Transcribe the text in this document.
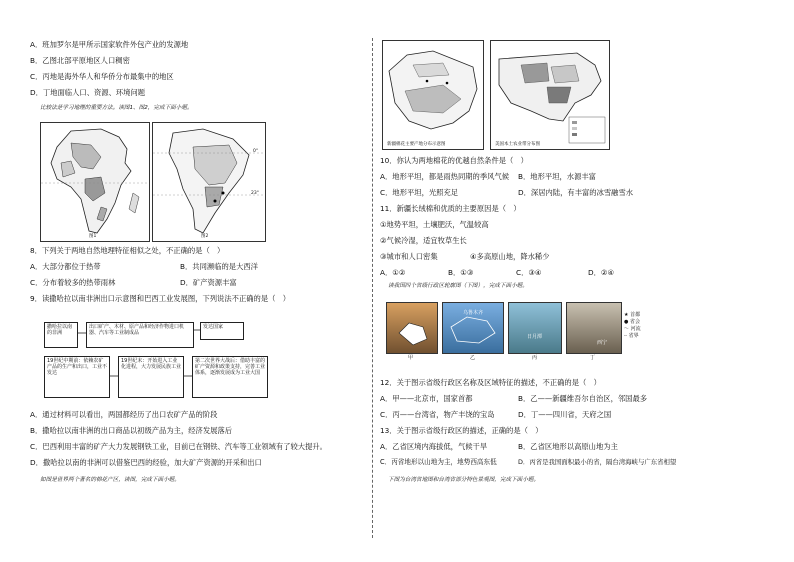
A．班加罗尔是甲所示国家软件外包产业的发源地
B．乙图北部平原地区人口稠密
C．丙地是海外华人和华侨分布最集中的地区
D．丁地面临人口、资源、环境问题
比较法是学习地理的重要方法。读图1、图2，完成下面小题。
图1
0°
23°
图2
8．下列关于两地自然地理特征相似之处，不正确的是（　）
A．大部分都位于热带	B．共同濒临的是大西洋
C．分布着较多的热带雨林	D．矿产资源丰富
9．读撒哈拉以南非洲出口示意图和巴西工业发展图，下列说法不正确的是（　）
撒哈拉以南的非洲
出口矿产、木材、原产品和经济作物进口机器、汽车等工业制成品
发达国家
19世纪中期前：依赖农矿产品的生产和出口，工业不发达
19世纪末：开始进入工业化进程，大力发展民族工业
第二次世界大战后：借助丰富的矿产资源和政策支持，完善工业体系，逐渐发展成为工业大国
A．通过材料可以看出，两国都经历了出口农矿产品的阶段
B．撒哈拉以南非洲的出口商品以初级产品为主，经济发展落后
C．巴西利用丰富的矿产大力发展钢铁工业，目前已在钢铁、汽车等工业领域有了较大提升。
D．撒哈拉以南的非洲可以借鉴巴西的经验，加大矿产资源的开采和出口
如图是世界两个著名的棉花产区，读图，完成下面小题。
新疆棉花主要产地分布示意图	美国本土农业带分布图
10．你认为两地棉花的优越自然条件是（　）
A．地形平坦，都是雨热同期的季风气候 B．地形平坦，水源丰富
C．地形平坦，光照充足	D．深居内陆，有丰富的冰雪融雪水
11．新疆长绒棉和优质的主要原因是（　）
①地势平坦，土壤肥沃，气温较高
②气候冷湿，适宜牧草生长
③城市和人口密集	④多高原山地，降水稀少
A．①②	B．①③	C．③④	D．②④
读我国四个省级行政区轮廓图（下图），完成下面小题。
乌鲁木齐
日月潭
西宁
甲	乙	丙	丁
★ 首都
● 省会
～ 河流
┄ 省界
12．关于图示省级行政区名称及区域特征的描述，不正确的是（　）
A．甲——北京市，国家首都	B．乙——新疆维吾尔自治区，邻国最多
C．丙——台湾省，物产丰饶的宝岛	D．丁——四川省，天府之国
13．关于图示省级行政区的描述，正确的是（　）
A．乙省区境内海拔低，气候干旱	B．乙省区地形以高原山地为主
C．丙省地形以山地为主，地势西高东低	D．丙省是我国面积最小的省，隔台湾海峡与广东省相望
下图为台湾省地图和台湾省部分特色景观图，完成下面小题。
